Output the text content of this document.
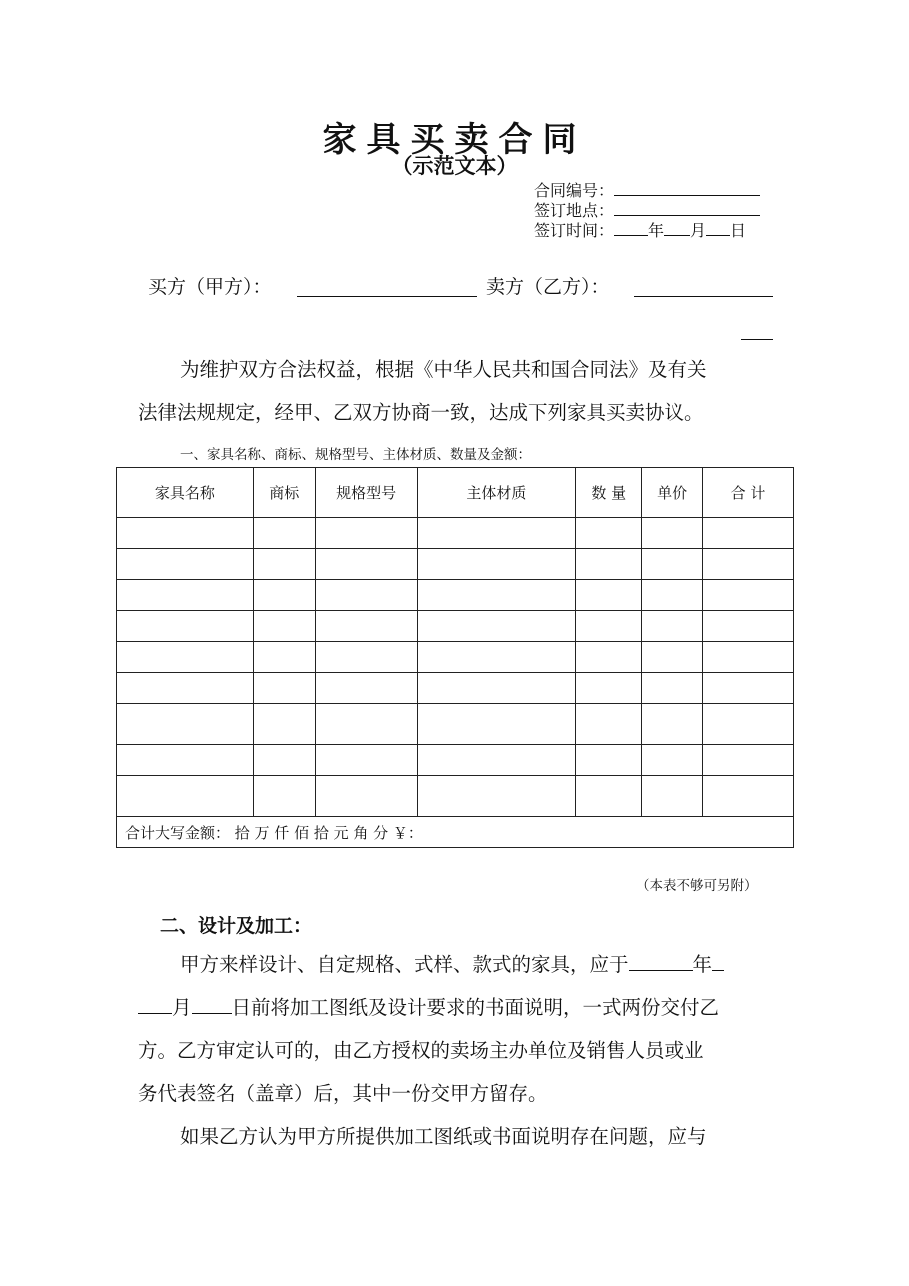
家具买卖合同
（示范文本）
合同编号：
签订地点：
签订时间： 年 月 日
买方（甲方）：	卖方（乙方）：
为维护双方合法权益，根据《中华人民共和国合同法》及有关
法律法规规定，经甲、乙双方协商一致，达成下列家具买卖协议。
一、家具名称、商标、规格型号、主体材质、数量及金额：
家具名称	商标	规格型号	主体材质	数 量	单价	合 计

合计大写金额： 拾 万 仟 佰 拾 元 角 分 ￥：						
（本表不够可另附）
二、设计及加工：
甲方来样设计、自定规格、式样、款式的家具，应于	年
月 日前将加工图纸及设计要求的书面说明，一式两份交付乙
方。乙方审定认可的，由乙方授权的卖场主办单位及销售人员或业
务代表签名（盖章）后，其中一份交甲方留存。
如果乙方认为甲方所提供加工图纸或书面说明存在问题，应与
